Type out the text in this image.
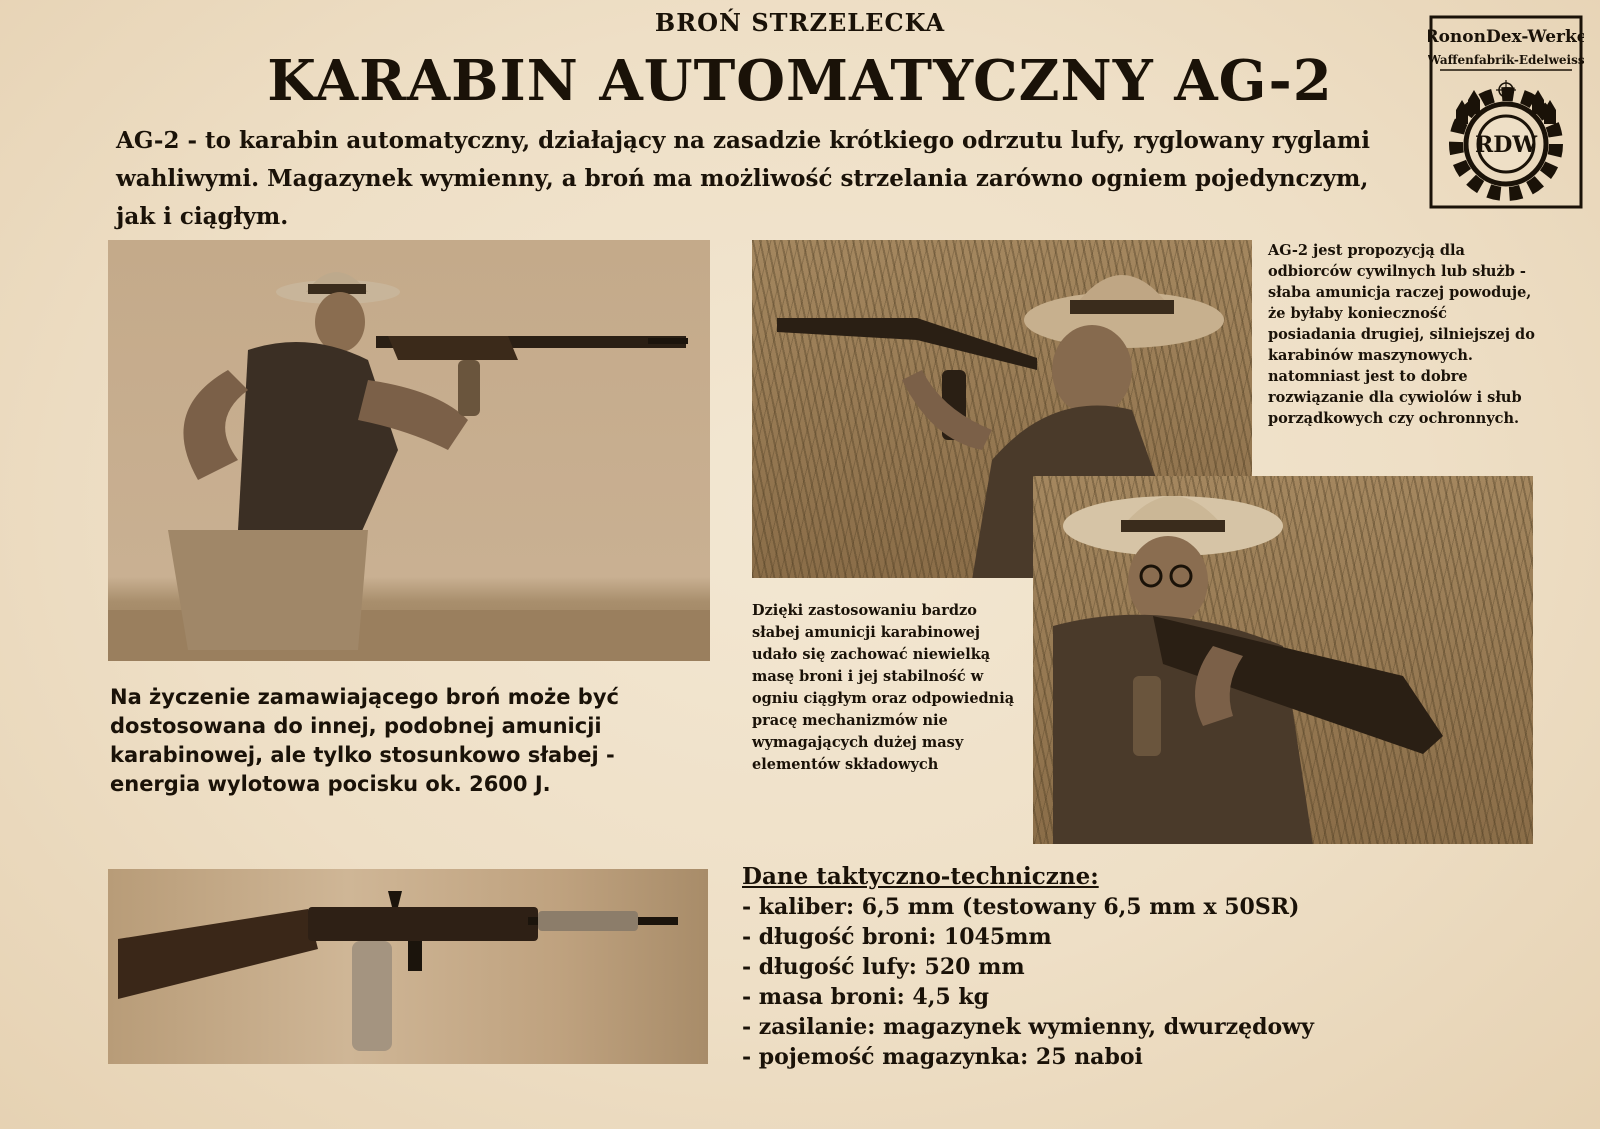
BROŃ STRZELECKA
KARABIN AUTOMATYCZNY AG-2
AG-2 - to karabin automatyczny, działający na zasadzie krótkiego odrzutu lufy, ryglowany ryglami wahliwymi. Magazynek wymienny, a broń ma możliwość strzelania zarówno ogniem pojedynczym, jak i ciągłym.
RononDex-Werke
Waffenfabrik-Edelweiss
RDW
AG-2 jest propozycją dla odbiorców cywilnych lub służb - słaba amunicja raczej powoduje, że byłaby konieczność posiadania drugiej, silniejszej do karabinów maszynowych. natomniast jest to dobre rozwiązanie dla cywiolów i słub porządkowych czy ochronnych.
Dzięki zastosowaniu bardzo słabej amunicji karabinowej udało się zachować niewielką masę broni i jej stabilność w ogniu ciągłym oraz odpowiednią pracę mechanizmów nie wymagających dużej masy elementów składowych
Na życzenie zamawiającego broń może być dostosowana do innej, podobnej amunicji karabinowej, ale tylko stosunkowo słabej - energia wylotowa pocisku ok. 2600 J.
Dane taktyczno-techniczne:
- kaliber: 6,5 mm (testowany 6,5 mm x 50SR)
- długość broni: 1045mm
- długość lufy: 520 mm
- masa broni: 4,5 kg
- zasilanie: magazynek wymienny, dwurzędowy
- pojemość magazynka: 25 naboi
